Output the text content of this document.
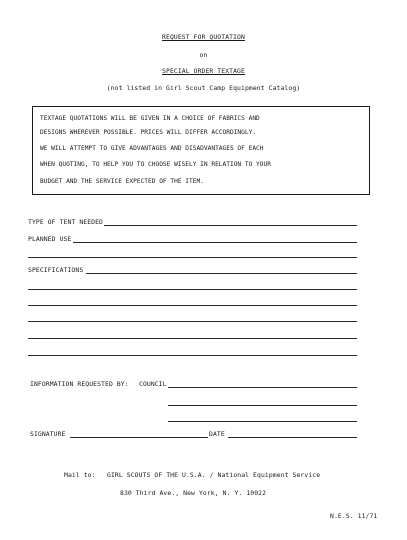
REQUEST FOR QUOTATION
on
SPECIAL ORDER TEXTAGE
(not listed in Girl Scout Camp Equipment Catalog)
TEXTAGE QUOTATIONS WILL BE GIVEN IN A CHOICE OF FABRICS AND
DESIGNS WHEREVER POSSIBLE. PRICES WILL DIFFER ACCORDINGLY.
WE WILL ATTEMPT TO GIVE ADVANTAGES AND DISADVANTAGES OF EACH
WHEN QUOTING, TO HELP YOU TO CHOOSE WISELY IN RELATION TO YOUR
BUDGET AND THE SERVICE EXPECTED OF THE ITEM.
TYPE OF TENT NEEDED
PLANNED USE
SPECIFICATIONS
INFORMATION REQUESTED BY: COUNCIL
SIGNATURE	DATE
Mail to: GIRL SCOUTS OF THE U.S.A. / National Equipment Service
830 Third Ave., New York, N. Y. 10022
N.E.S. 11/71
